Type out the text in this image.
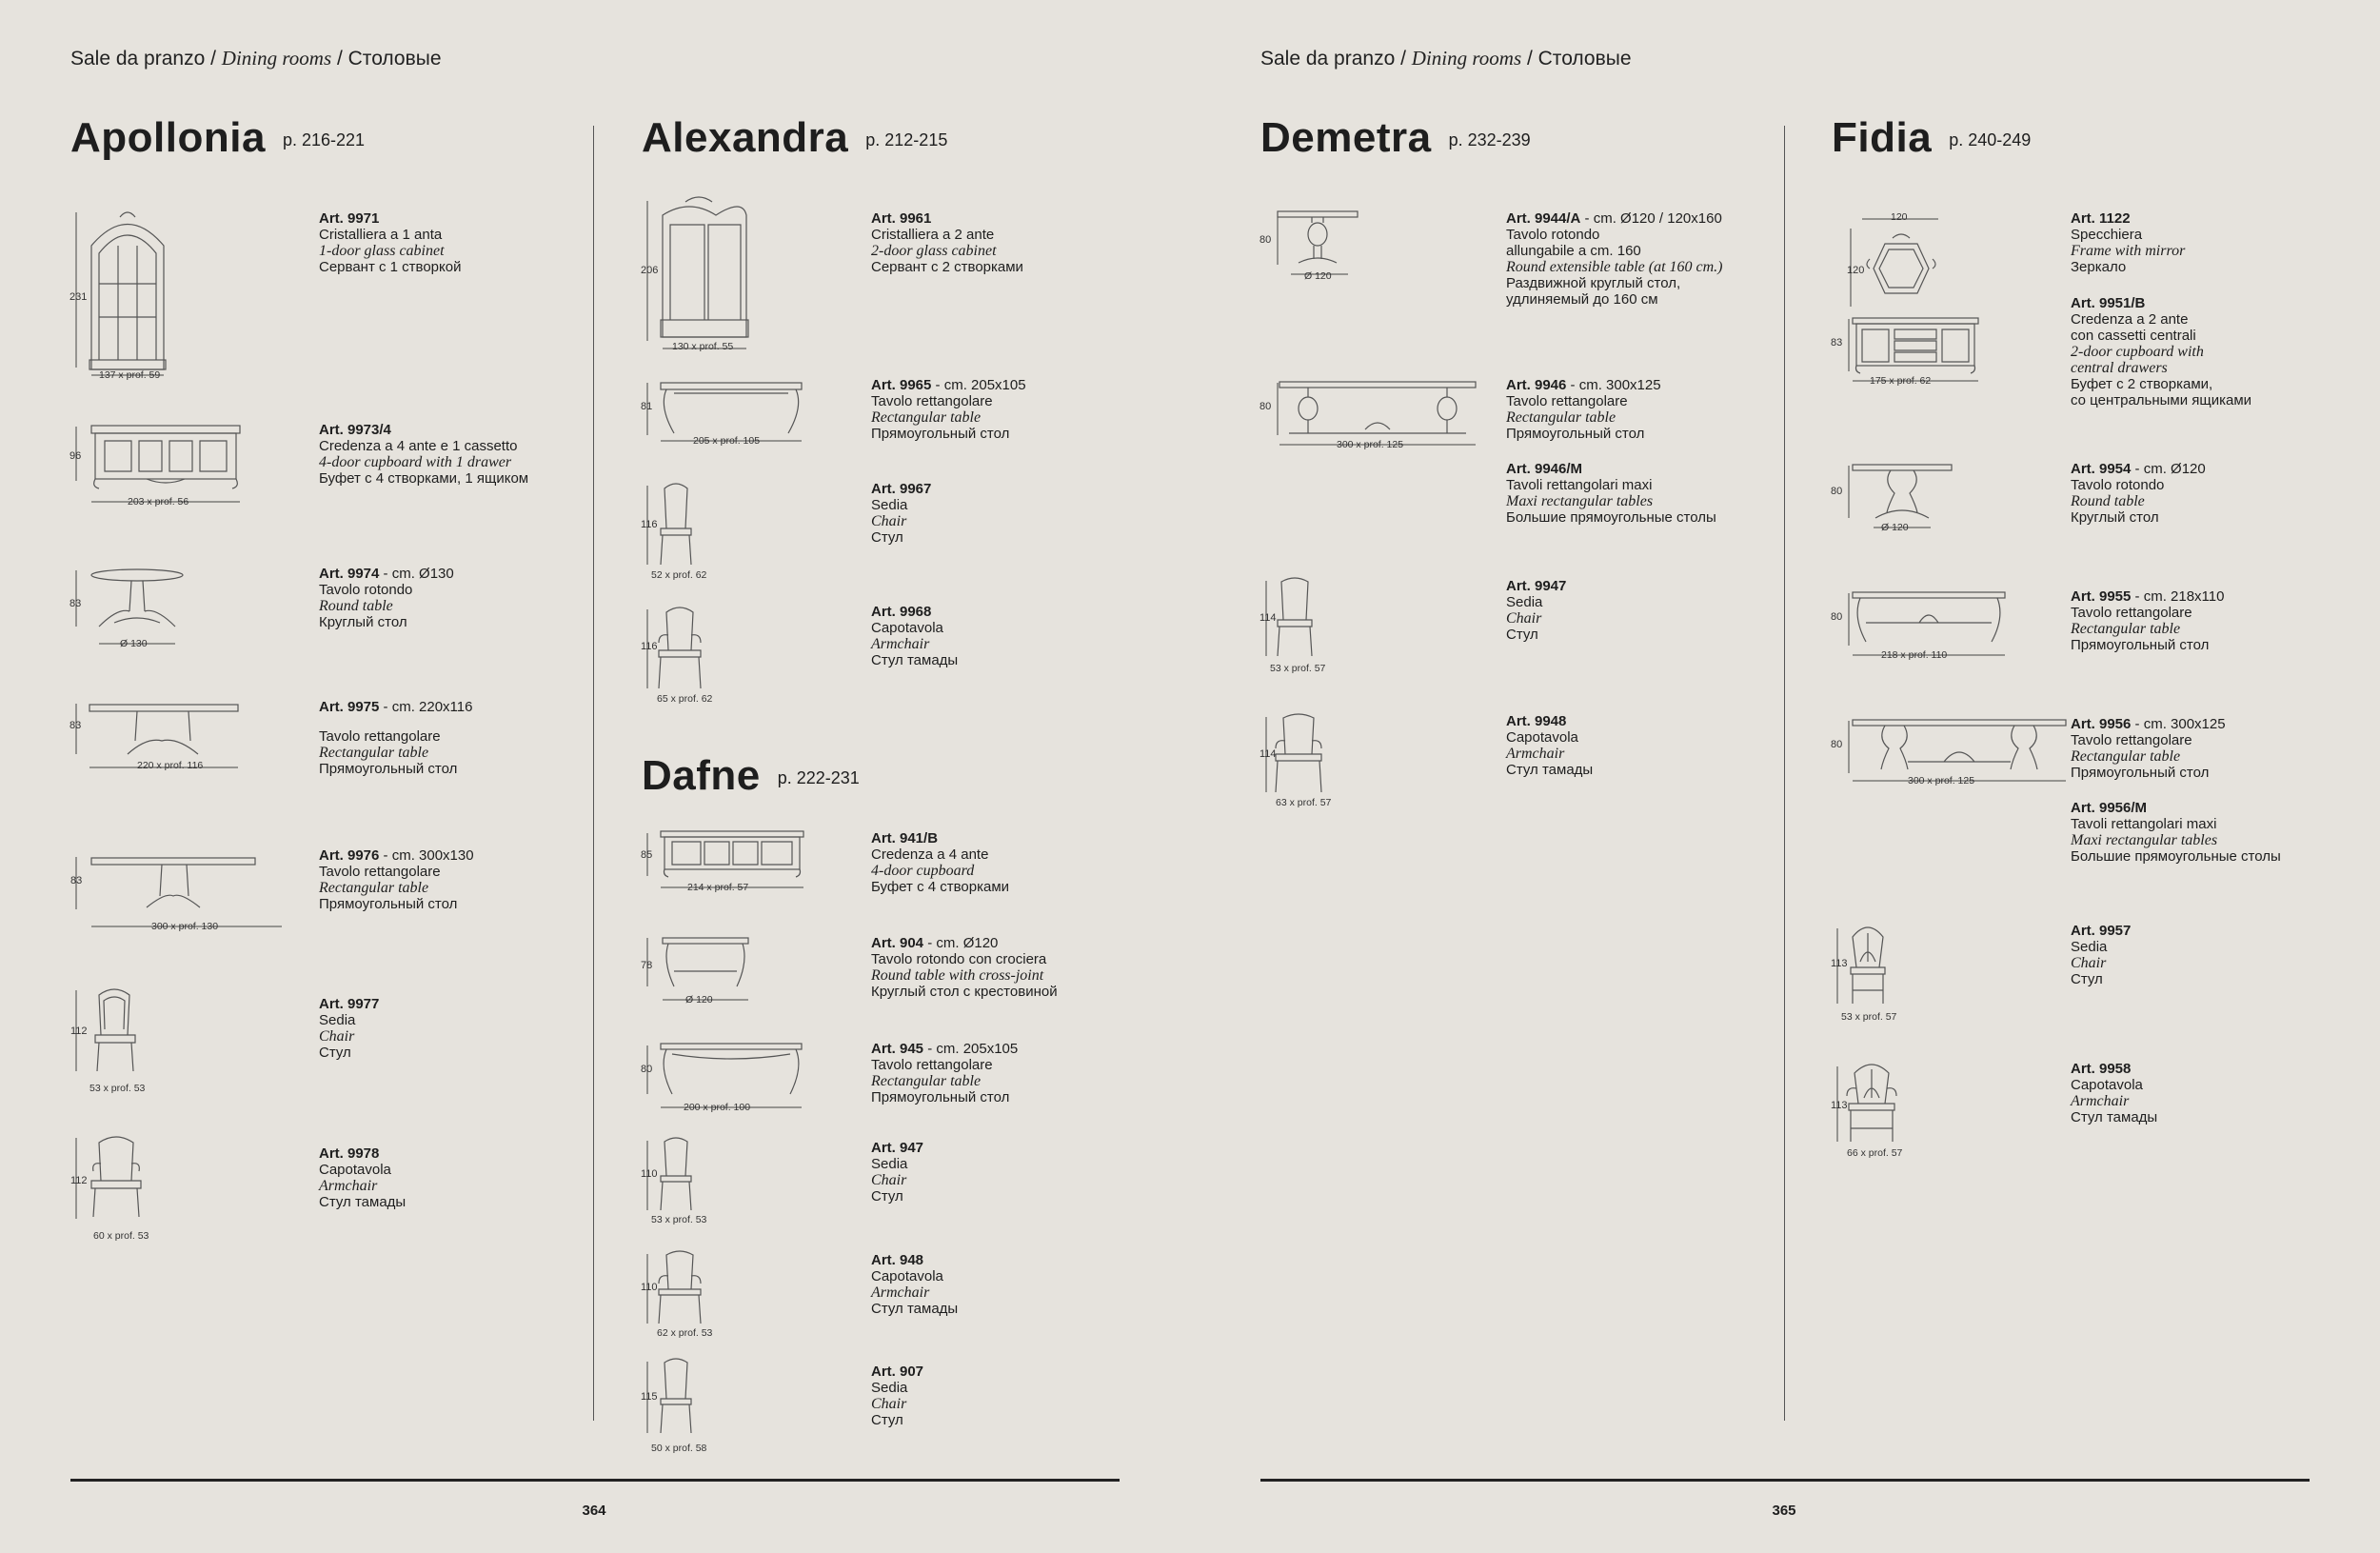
Sale da pranzo / Dining rooms / Столовые	Sale da pranzo / Dining rooms / Столовые
Apollonia p. 216-221	Alexandra p. 212-215
Dafne p. 222-231
Demetra p. 232-239	Fidia p. 240-249
364	365
231
137 x prof. 59
Art. 9971
Cristalliera a 1 anta
1-door glass cabinet
Сервант с 1 створкой
96
203 x prof. 56
Art. 9973/4
Credenza a 4 ante e 1 cassetto
4-door cupboard with 1 drawer
Буфет с 4 створками, 1 ящиком
83
Ø 130
Art. 9974 - cm. Ø130
Tavolo rotondo
Round table
Круглый стол
83
220 x prof. 116
Art. 9975 - cm. 220x116
Tavolo rettangolare
Rectangular table
Прямоугольный стол
83
300 x prof. 130
Art. 9976 - cm. 300x130
Tavolo rettangolare
Rectangular table
Прямоугольный стол
112
53 x prof. 53
Art. 9977
Sedia
Chair
Стул
112
60 x prof. 53
Art. 9978
Capotavola
Armchair
Стул тамады
206
130 x prof. 55
Art. 9961
Cristalliera a 2 ante
2-door glass cabinet
Сервант с 2 створками
81
205 x prof. 105
Art. 9965 - cm. 205x105
Tavolo rettangolare
Rectangular table
Прямоугольный стол
116
52 x prof. 62
Art. 9967
Sedia
Chair
Стул
116
65 x prof. 62
Art. 9968
Capotavola
Armchair
Стул тамады
85
214 x prof. 57
Art. 941/B
Credenza a 4 ante
4-door cupboard
Буфет с 4 створками
78
Ø 120
Art. 904 - cm. Ø120
Tavolo rotondo con crociera
Round table with cross-joint
Круглый стол с крестовиной
80
200 x prof. 100
Art. 945 - cm. 205x105
Tavolo rettangolare
Rectangular table
Прямоугольный стол
110
53 x prof. 53
Art. 947
Sedia
Chair
Стул
110
62 x prof. 53
Art. 948
Capotavola
Armchair
Стул тамады
115
50 x prof. 58
Art. 907
Sedia
Chair
Стул
80
Ø 120
Art. 9944/A - cm. Ø120 / 120x160
Tavolo rotondo
allungabile a cm. 160
Round extensible table (at 160 cm.)
Раздвижной круглый стол,
удлиняемый до 160 см
80
300 x prof. 125
Art. 9946 - cm. 300x125
Tavolo rettangolare
Rectangular table
Прямоугольный стол
Art. 9946/M
Tavoli rettangolari maxi
Maxi rectangular tables
Большие прямоугольные столы
114
53 x prof. 57
Art. 9947
Sedia
Chair
Стул
114
63 x prof. 57
Art. 9948
Capotavola
Armchair
Стул тамады
120
120
Art. 1122
Specchiera
Frame with mirror
Зеркало
83
175 x prof. 62
Art. 9951/B
Credenza a 2 ante
con cassetti centrali
2-door cupboard with
central drawers
Буфет с 2 створками,
со центральными ящиками
80
Ø 120
Art. 9954 - cm. Ø120
Tavolo rotondo
Round table
Круглый стол
80
218 x prof. 110
Art. 9955 - cm. 218x110
Tavolo rettangolare
Rectangular table
Прямоугольный стол
80
300 x prof. 125
Art. 9956 - cm. 300x125
Tavolo rettangolare
Rectangular table
Прямоугольный стол
Art. 9956/M
Tavoli rettangolari maxi
Maxi rectangular tables
Большие прямоугольные столы
113
53 x prof. 57
Art. 9957
Sedia
Chair
Стул
113
66 x prof. 57
Art. 9958
Capotavola
Armchair
Стул тамады
